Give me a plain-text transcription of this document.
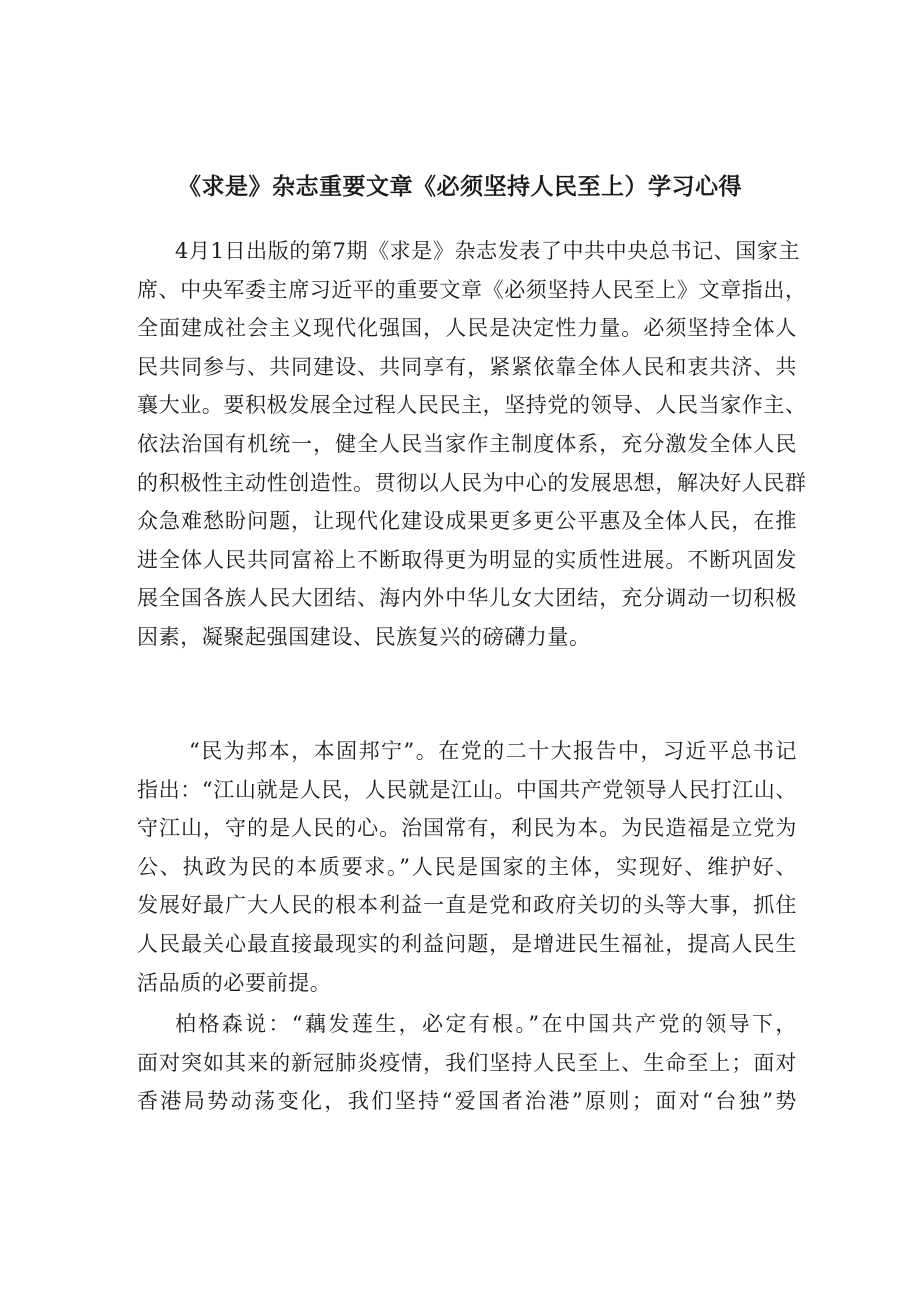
《求是》杂志重要文章《必须坚持人民至上）学习心得
4月1日出版的第7期《求是》杂志发表了中共中央总书记、国家主
席、中央军委主席习近平的重要文章《必须坚持人民至上》文章指出，
全面建成社会主义现代化强国，人民是决定性力量。必须坚持全体人
民共同参与、共同建设、共同享有，紧紧依靠全体人民和衷共济、共
襄大业。要积极发展全过程人民民主，坚持党的领导、人民当家作主、
依法治国有机统一，健全人民当家作主制度体系，充分激发全体人民
的积极性主动性创造性。贯彻以人民为中心的发展思想，解决好人民群
众急难愁盼问题，让现代化建设成果更多更公平惠及全体人民，在推
进全体人民共同富裕上不断取得更为明显的实质性进展。不断巩固发
展全国各族人民大团结、海内外中华儿女大团结，充分调动一切积极
因素，凝聚起强国建设、民族复兴的磅礴力量。
“民为邦本，本固邦宁”。在党的二十大报告中，习近平总书记
指出：“江山就是人民，人民就是江山。中国共产党领导人民打江山、
守江山，守的是人民的心。治国常有，利民为本。为民造福是立党为
公、执政为民的本质要求。”人民是国家的主体，实现好、维护好、
发展好最广大人民的根本利益一直是党和政府关切的头等大事，抓住
人民最关心最直接最现实的利益问题，是增进民生福祉，提高人民生
活品质的必要前提。
柏格森说：“藕发莲生，必定有根。”在中国共产党的领导下，
面对突如其来的新冠肺炎疫情，我们坚持人民至上、生命至上；面对
香港局势动荡变化，我们坚持“爱国者治港”原则；面对“台独”势
